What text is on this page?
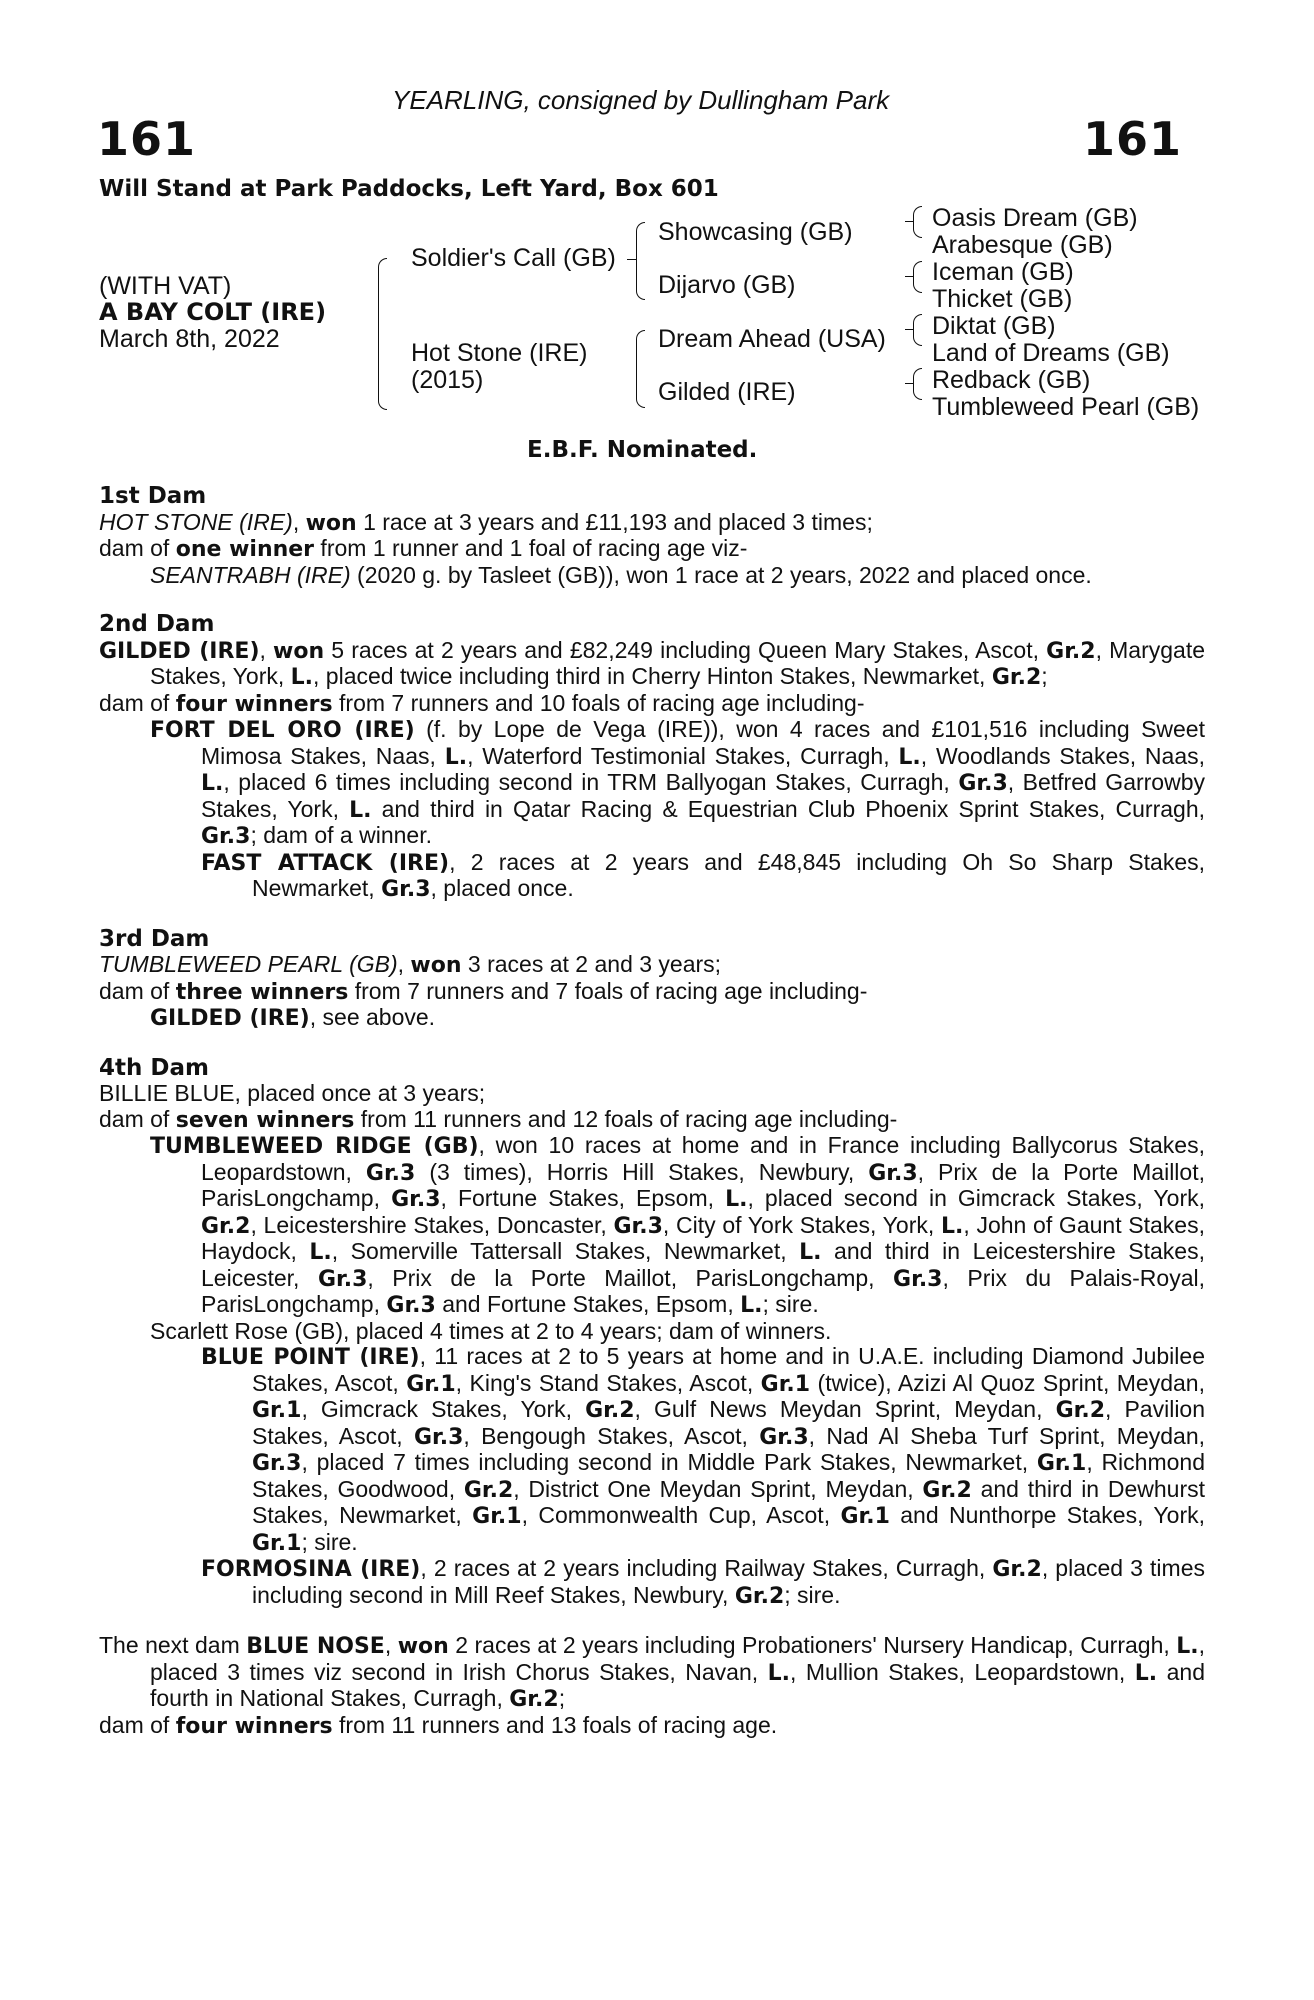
YEARLING, consigned by Dullingham Park
161	161
Will Stand at Park Paddocks, Left Yard, Box 601
(WITH VAT)
A BAY COLT (IRE)
March 8th, 2022
Soldier's Call (GB)
Hot Stone (IRE)
(2015)
Showcasing (GB)
Dijarvo (GB)
Dream Ahead (USA)
Gilded (IRE)
Oasis Dream (GB)
Arabesque (GB)
Iceman (GB)
Thicket (GB)
Diktat (GB)
Land of Dreams (GB)
Redback (GB)
Tumbleweed Pearl (GB)
E.B.F. Nominated.

1st Dam

HOT STONE (IRE), won 1 race at 3 years and £11,193 and placed 3 times;

dam of one winner from 1 runner and 1 foal of racing age viz-

SEANTRABH (IRE) (2020 g. by Tasleet (GB)), won 1 race at 2 years, 2022 and placed once.

2nd Dam

GILDED (IRE), won 5 races at 2 years and £82,249 including Queen Mary Stakes, Ascot, Gr.2, Marygate Stakes, York, L., placed twice including third in Cherry Hinton Stakes, Newmarket, Gr.2;

dam of four winners from 7 runners and 10 foals of racing age including-

FORT DEL ORO (IRE) (f. by Lope de Vega (IRE)), won 4 races and £101,516 including Sweet Mimosa Stakes, Naas, L., Waterford Testimonial Stakes, Curragh, L., Woodlands Stakes, Naas, L., placed 6 times including second in TRM Ballyogan Stakes, Curragh, Gr.3, Betfred Garrowby Stakes, York, L. and third in Qatar Racing & Equestrian Club Phoenix Sprint Stakes, Curragh, Gr.3; dam of a winner.

FAST ATTACK (IRE), 2 races at 2 years and £48,845 including Oh So Sharp Stakes, Newmarket, Gr.3, placed once.

3rd Dam

TUMBLEWEED PEARL (GB), won 3 races at 2 and 3 years;

dam of three winners from 7 runners and 7 foals of racing age including-

GILDED (IRE), see above.

4th Dam

BILLIE BLUE, placed once at 3 years;

dam of seven winners from 11 runners and 12 foals of racing age including-

TUMBLEWEED RIDGE (GB), won 10 races at home and in France including Ballycorus Stakes, Leopardstown, Gr.3 (3 times), Horris Hill Stakes, Newbury, Gr.3, Prix de la Porte Maillot, ParisLongchamp, Gr.3, Fortune Stakes, Epsom, L., placed second in Gimcrack Stakes, York, Gr.2, Leicestershire Stakes, Doncaster, Gr.3, City of York Stakes, York, L., John of Gaunt Stakes, Haydock, L., Somerville Tattersall Stakes, Newmarket, L. and third in Leicestershire Stakes, Leicester, Gr.3, Prix de la Porte Maillot, ParisLongchamp, Gr.3, Prix du Palais-Royal, ParisLongchamp, Gr.3 and Fortune Stakes, Epsom, L.; sire.

Scarlett Rose (GB), placed 4 times at 2 to 4 years; dam of winners.

BLUE POINT (IRE), 11 races at 2 to 5 years at home and in U.A.E. including Diamond Jubilee Stakes, Ascot, Gr.1, King's Stand Stakes, Ascot, Gr.1 (twice), Azizi Al Quoz Sprint, Meydan, Gr.1, Gimcrack Stakes, York, Gr.2, Gulf News Meydan Sprint, Meydan, Gr.2, Pavilion Stakes, Ascot, Gr.3, Bengough Stakes, Ascot, Gr.3, Nad Al Sheba Turf Sprint, Meydan, Gr.3, placed 7 times including second in Middle Park Stakes, Newmarket, Gr.1, Richmond Stakes, Goodwood, Gr.2, District One Meydan Sprint, Meydan, Gr.2 and third in Dewhurst Stakes, Newmarket, Gr.1, Commonwealth Cup, Ascot, Gr.1 and Nunthorpe Stakes, York, Gr.1; sire.

FORMOSINA (IRE), 2 races at 2 years including Railway Stakes, Curragh, Gr.2, placed 3 times including second in Mill Reef Stakes, Newbury, Gr.2; sire.

The next dam BLUE NOSE, won 2 races at 2 years including Probationers' Nursery Handicap, Curragh, L., placed 3 times viz second in Irish Chorus Stakes, Navan, L., Mullion Stakes, Leopardstown, L. and fourth in National Stakes, Curragh, Gr.2;

dam of four winners from 11 runners and 13 foals of racing age.
